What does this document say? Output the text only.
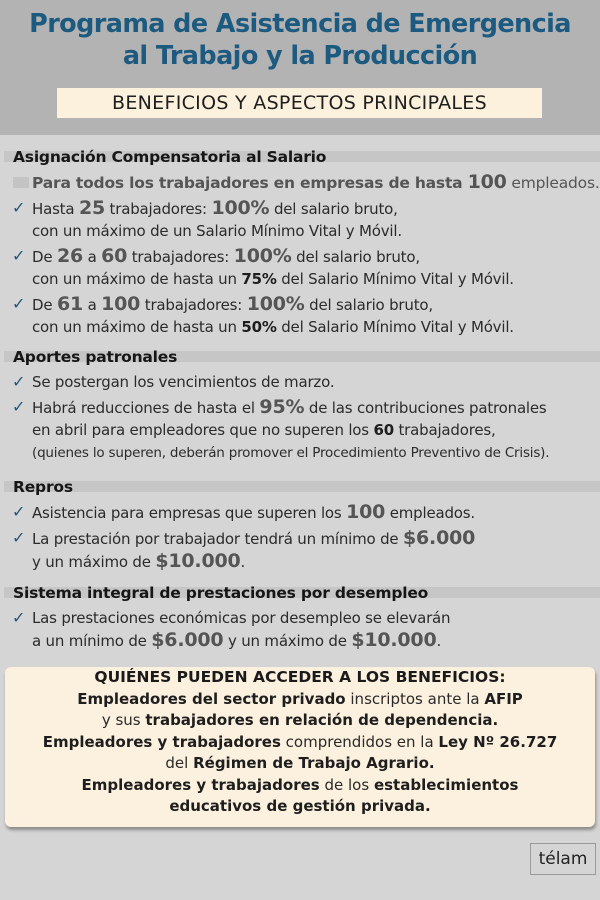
Programa de Asistencia de Emergencia
al Trabajo y la Producción
BENEFICIOS Y ASPECTOS PRINCIPALES
Asignación Compensatoria al Salario
Para todos los trabajadores en empresas de hasta 100 empleados.
✓ Hasta 25 trabajadores: 100% del salario bruto,
con un máximo de un Salario Mínimo Vital y Móvil.
✓ De 26 a 60 trabajadores: 100% del salario bruto,
con un máximo de hasta un 75% del Salario Mínimo Vital y Móvil.
✓ De 61 a 100 trabajadores: 100% del salario bruto,
con un máximo de hasta un 50% del Salario Mínimo Vital y Móvil.
Aportes patronales
✓ Se postergan los vencimientos de marzo.
✓ Habrá reducciones de hasta el 95% de las contribuciones patronales
en abril para empleadores que no superen los 60 trabajadores,
(quienes lo superen, deberán promover el Procedimiento Preventivo de Crisis).
Repros
✓ Asistencia para empresas que superen los 100 empleados.
✓ La prestación por trabajador tendrá un mínimo de $6.000
y un máximo de $10.000.
Sistema integral de prestaciones por desempleo
✓ Las prestaciones económicas por desempleo se elevarán
a un mínimo de $6.000 y un máximo de $10.000.

QUIÉNES PUEDEN ACCEDER A LOS BENEFICIOS:

Empleadores del sector privado inscriptos ante la AFIP

y sus trabajadores en relación de dependencia.

Empleadores y trabajadores comprendidos en la Ley Nº 26.727

del Régimen de Trabajo Agrario.

Empleadores y trabajadores de los establecimientos

educativos de gestión privada.

télam
